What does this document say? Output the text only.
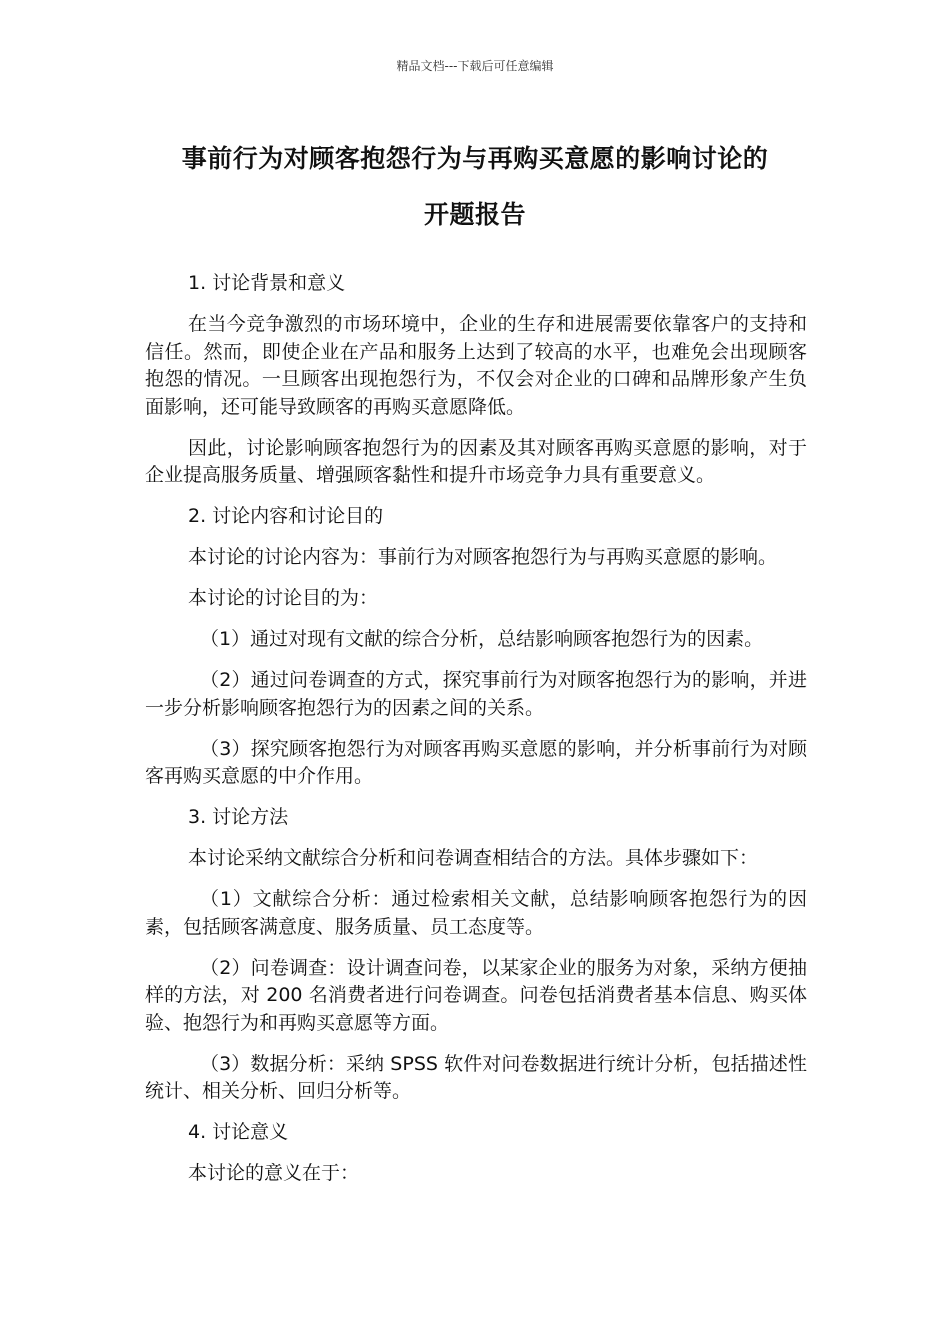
精品文档---下载后可任意编辑
事前行为对顾客抱怨行为与再购买意愿的影响讨论的
开题报告

1. 讨论背景和意义

在当今竞争激烈的市场环境中，企业的生存和进展需要依靠客户的支持和信任。然而，即使企业在产品和服务上达到了较高的水平，也难免会出现顾客抱怨的情况。一旦顾客出现抱怨行为，不仅会对企业的口碑和品牌形象产生负面影响，还可能导致顾客的再购买意愿降低。

因此，讨论影响顾客抱怨行为的因素及其对顾客再购买意愿的影响，对于企业提高服务质量、增强顾客黏性和提升市场竞争力具有重要意义。

2. 讨论内容和讨论目的

本讨论的讨论内容为：事前行为对顾客抱怨行为与再购买意愿的影响。

本讨论的讨论目的为：

（1）通过对现有文献的综合分析，总结影响顾客抱怨行为的因素。

（2）通过问卷调查的方式，探究事前行为对顾客抱怨行为的影响，并进一步分析影响顾客抱怨行为的因素之间的关系。

（3）探究顾客抱怨行为对顾客再购买意愿的影响，并分析事前行为对顾客再购买意愿的中介作用。

3. 讨论方法

本讨论采纳文献综合分析和问卷调查相结合的方法。具体步骤如下：

（1）文献综合分析：通过检索相关文献，总结影响顾客抱怨行为的因素，包括顾客满意度、服务质量、员工态度等。

（2）问卷调查：设计调查问卷，以某家企业的服务为对象，采纳方便抽样的方法，对 200 名消费者进行问卷调查。问卷包括消费者基本信息、购买体验、抱怨行为和再购买意愿等方面。

（3）数据分析：采纳 SPSS 软件对问卷数据进行统计分析，包括描述性统计、相关分析、回归分析等。

4. 讨论意义

本讨论的意义在于：
